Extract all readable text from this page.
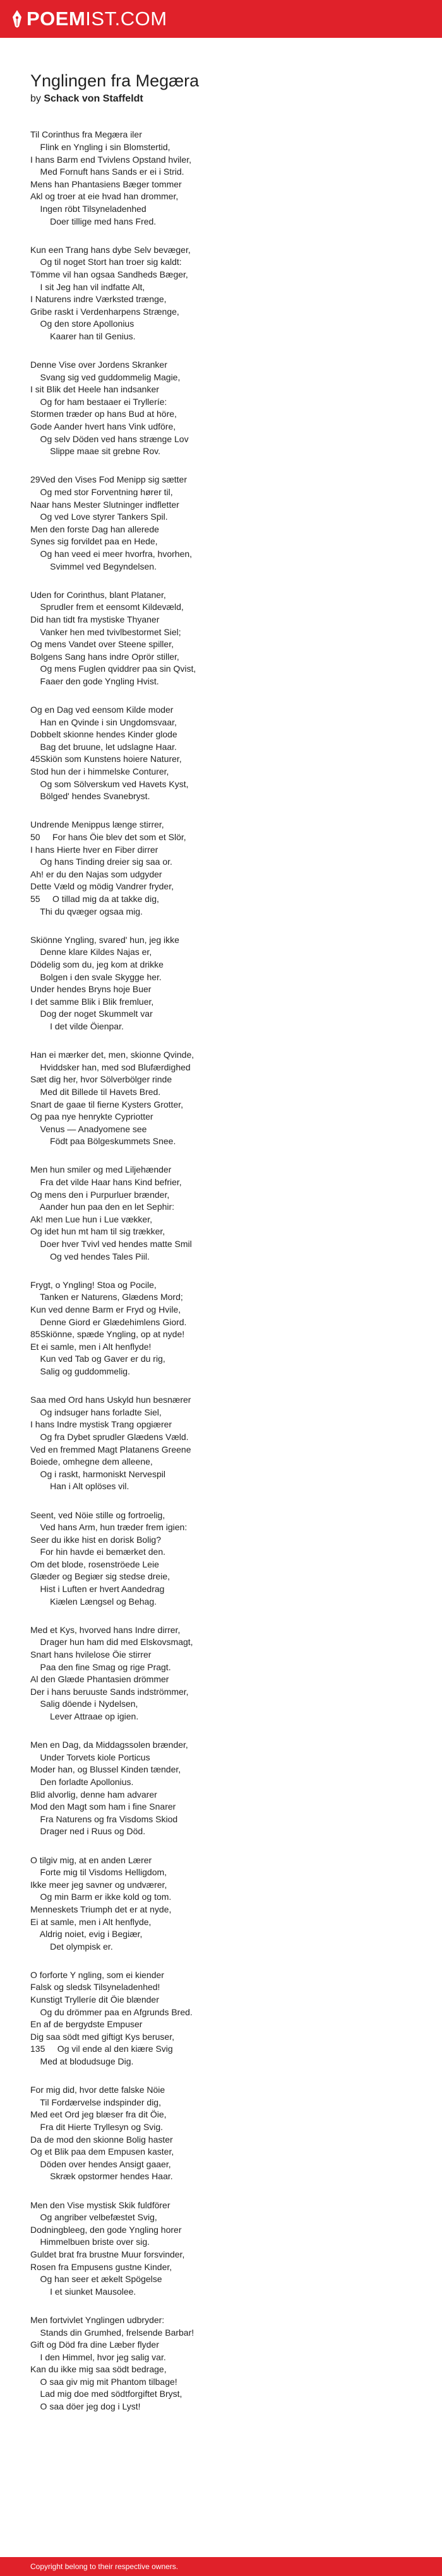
POEMIST.COM
Ynglingen fra Megæra

by Schack von Staffeldt

Til Corinthus fra Megæra iler
Flink en Yngling i sin Blomstertid,
I hans Barm end Tvivlens Opstand hviler,
Med Fornuft hans Sands er ei i Strid.
Mens han Phantasiens Bæger tommer
Akl og troer at eie hvad han drommer,
Ingen röbt Tilsyneladenhed
Doer tillige med hans Fred.
Kun een Trang hans dybe Selv bevæger,
Og til noget Stort han troer sig kaldt:
Tömme vil han ogsaa Sandheds Bæger,
I sit Jeg han vil indfatte Alt,
I Naturens indre Værksted trænge,
Gribe raskt i Verdenharpens Strænge,
Og den store Apollonius
Kaarer han til Genius.
Denne Vise over Jordens Skranker
Svang sig ved guddommelig Magie,
I sit Blik det Heele han indsanker
Og for ham bestaaer ei Trylleríe:
Stormen træder op hans Bud at höre,
Gode Aander hvert hans Vink udföre,
Og selv Döden ved hans strænge Lov
Slippe maae sit grebne Rov.
29Ved den Vises Fod Menipp sig sætter
Og med stor Forventning hører til,
Naar hans Mester Slutninger indfletter
Og ved Love styrer Tankers Spil.
Men den forste Dag han allerede
Synes sig forvildet paa en Hede,
Og han veed ei meer hvorfra, hvorhen,
Svimmel ved Begyndelsen.
Uden for Corinthus, blant Plataner,
Sprudler frem et eensomt Kildevæld,
Did han tidt fra mystiske Thyaner
Vanker hen med tvivlbestormet Siel;
Og mens Vandet over Steene spiller,
Bolgens Sang hans indre Oprör stiller,
Og mens Fuglen qviddrer paa sin Qvist,
Faaer den gode Yngling Hvist.
Og en Dag ved eensom Kilde moder
Han en Qvinde i sin Ungdomsvaar,
Dobbelt skionne hendes Kinder glode
Bag det bruune, let udslagne Haar.
45Skiön som Kunstens hoiere Naturer,
Stod hun der i himmelske Conturer,
Og som Sölverskum ved Havets Kyst,
Bölged' hendes Svanebryst.
Undrende Menippus længe stirrer,
50     For hans Öie blev det som et Slör,
I hans Hierte hver en Fiber dirrer
Og hans Tinding dreier sig saa or.
Ah! er du den Najas som udgyder
Dette Væld og mödig Vandrer fryder,
55     O tillad mig da at takke dig,
Thi du qvæger ogsaa mig.
Skiönne Yngling, svared' hun, jeg ikke
Denne klare Kildes Najas er,
Dödelig som du, jeg kom at drikke
Bolgen i den svale Skygge her.
Under hendes Bryns hoje Buer
I det samme Blik i Blik fremluer,
Dog der noget Skummelt var
I det vilde Öienpar.
Han ei mærker det, men, skionne Qvinde,
Hviddsker han, med sod Blufærdighed
Sæt dig her, hvor Sölverbölger rinde
Med dit Billede til Havets Bred.
Snart de gaae til fierne Kysters Grotter,
Og paa nye henrykte Cypriotter
Venus — Anadyomene see
Födt paa Bölgeskummets Snee.
Men hun smiler og med Liljehænder
Fra det vilde Haar hans Kind befrier,
Og mens den i Purpurluer brænder,
Aander hun paa den en let Sephir:
Ak! men Lue hun i Lue vækker,
Og idet hun mt ham til sig trækker,
Doer hver Tvivl ved hendes matte Smil
Og ved hendes Tales Piil.
Frygt, o Yngling! Stoa og Pocile,
Tanken er Naturens, Glædens Mord;
Kun ved denne Barm er Fryd og Hvile,
Denne Giord er Glædehimlens Giord.
85Skiönne, spæde Yngling, op at nyde!
Et ei samle, men i Alt henflyde!
Kun ved Tab og Gaver er du rig,
Salig og guddommelig.
Saa med Ord hans Uskyld hun besnærer
Og indsuger hans forladte Siel,
I hans Indre mystisk Trang opgiærer
Og fra Dybet sprudler Glædens Væld.
Ved en fremmed Magt Platanens Greene
Boiede, omhegne dem alleene,
Og i raskt, harmoniskt Nervespil
Han i Alt oplöses vil.
Seent, ved Nöie stille og fortroelig,
Ved hans Arm, hun træder frem igien:
Seer du ikke hist en dorisk Bolig?
For hin havde ei bemærket den.
Om det blode, rosenströede Leie
Glæder og Begiær sig stedse dreie,
Hist i Luften er hvert Aandedrag
Kiælen Længsel og Behag.
Med et Kys, hvorved hans Indre dirrer,
Drager hun ham did med Elskovsmagt,
Snart hans hvilelose Öie stirrer
Paa den fine Smag og rige Pragt.
Al den Glæde Phantasien drömmer
Der i hans beruuste Sands indströmmer,
Salig döende i Nydelsen,
Lever Attraae op igien.
Men en Dag, da Middagssolen brænder,
Under Torvets kiole Porticus
Moder han, og Blussel Kinden tænder,
Den forladte Apollonius.
Blid alvorlig, denne ham advarer
Mod den Magt som ham i fine Snarer
Fra Naturens og fra Visdoms Skiod
Drager ned i Ruus og Död.
O tilgiv mig, at en anden Lærer
Forte mig til Visdoms Helligdom,
Ikke meer jeg savner og undværer,
Og min Barm er ikke kold og tom.
Menneskets Triumph det er at nyde,
Ei at samle, men i Alt henflyde,
Aldrig noiet, evig i Begiær,
Det olympisk er.
O forforte Y ngling, som ei kiender
Falsk og sledsk Tilsyneladenhed!
Kunstigt Trylleríe dit Öie blænder
Og du drömmer paa en Afgrunds Bred.
En af de bergydste Empuser
Dig saa södt med giftigt Kys beruser,
135     Og vil ende al den kiære Svig
Med at blodudsuge Dig.
For mig did, hvor dette falske Nöie
Til Fordærvelse indspinder dig,
Med eet Ord jeg blæser fra dit Öie,
Fra dit Hierte Tryllesyn og Svig.
Da de mod den skionne Bolig haster
Og et Blik paa dem Empusen kaster,
Döden over hendes Ansigt gaaer,
Skræk opstormer hendes Haar.
Men den Vise mystisk Skik fuldförer
Og angriber velbefæstet Svig,
Dodningbleeg, den gode Yngling horer
Himmelbuen briste over sig.
Guldet brat fra brustne Muur forsvinder,
Rosen fra Empusens gustne Kinder,
Og han seer et ækelt Spögelse
I et siunket Mausolee.
Men fortvivlet Ynglingen udbryder:
Stands din Grumhed, frelsende Barbar!
Gift og Död fra dine Læber flyder
I den Himmel, hvor jeg salig var.
Kan du ikke mig saa södt bedrage,
O saa giv mig mit Phantom tilbage!
Lad mig doe med södtforgiftet Bryst,
O saa döer jeg dog i Lyst!
Copyright belong to their respective owners.
